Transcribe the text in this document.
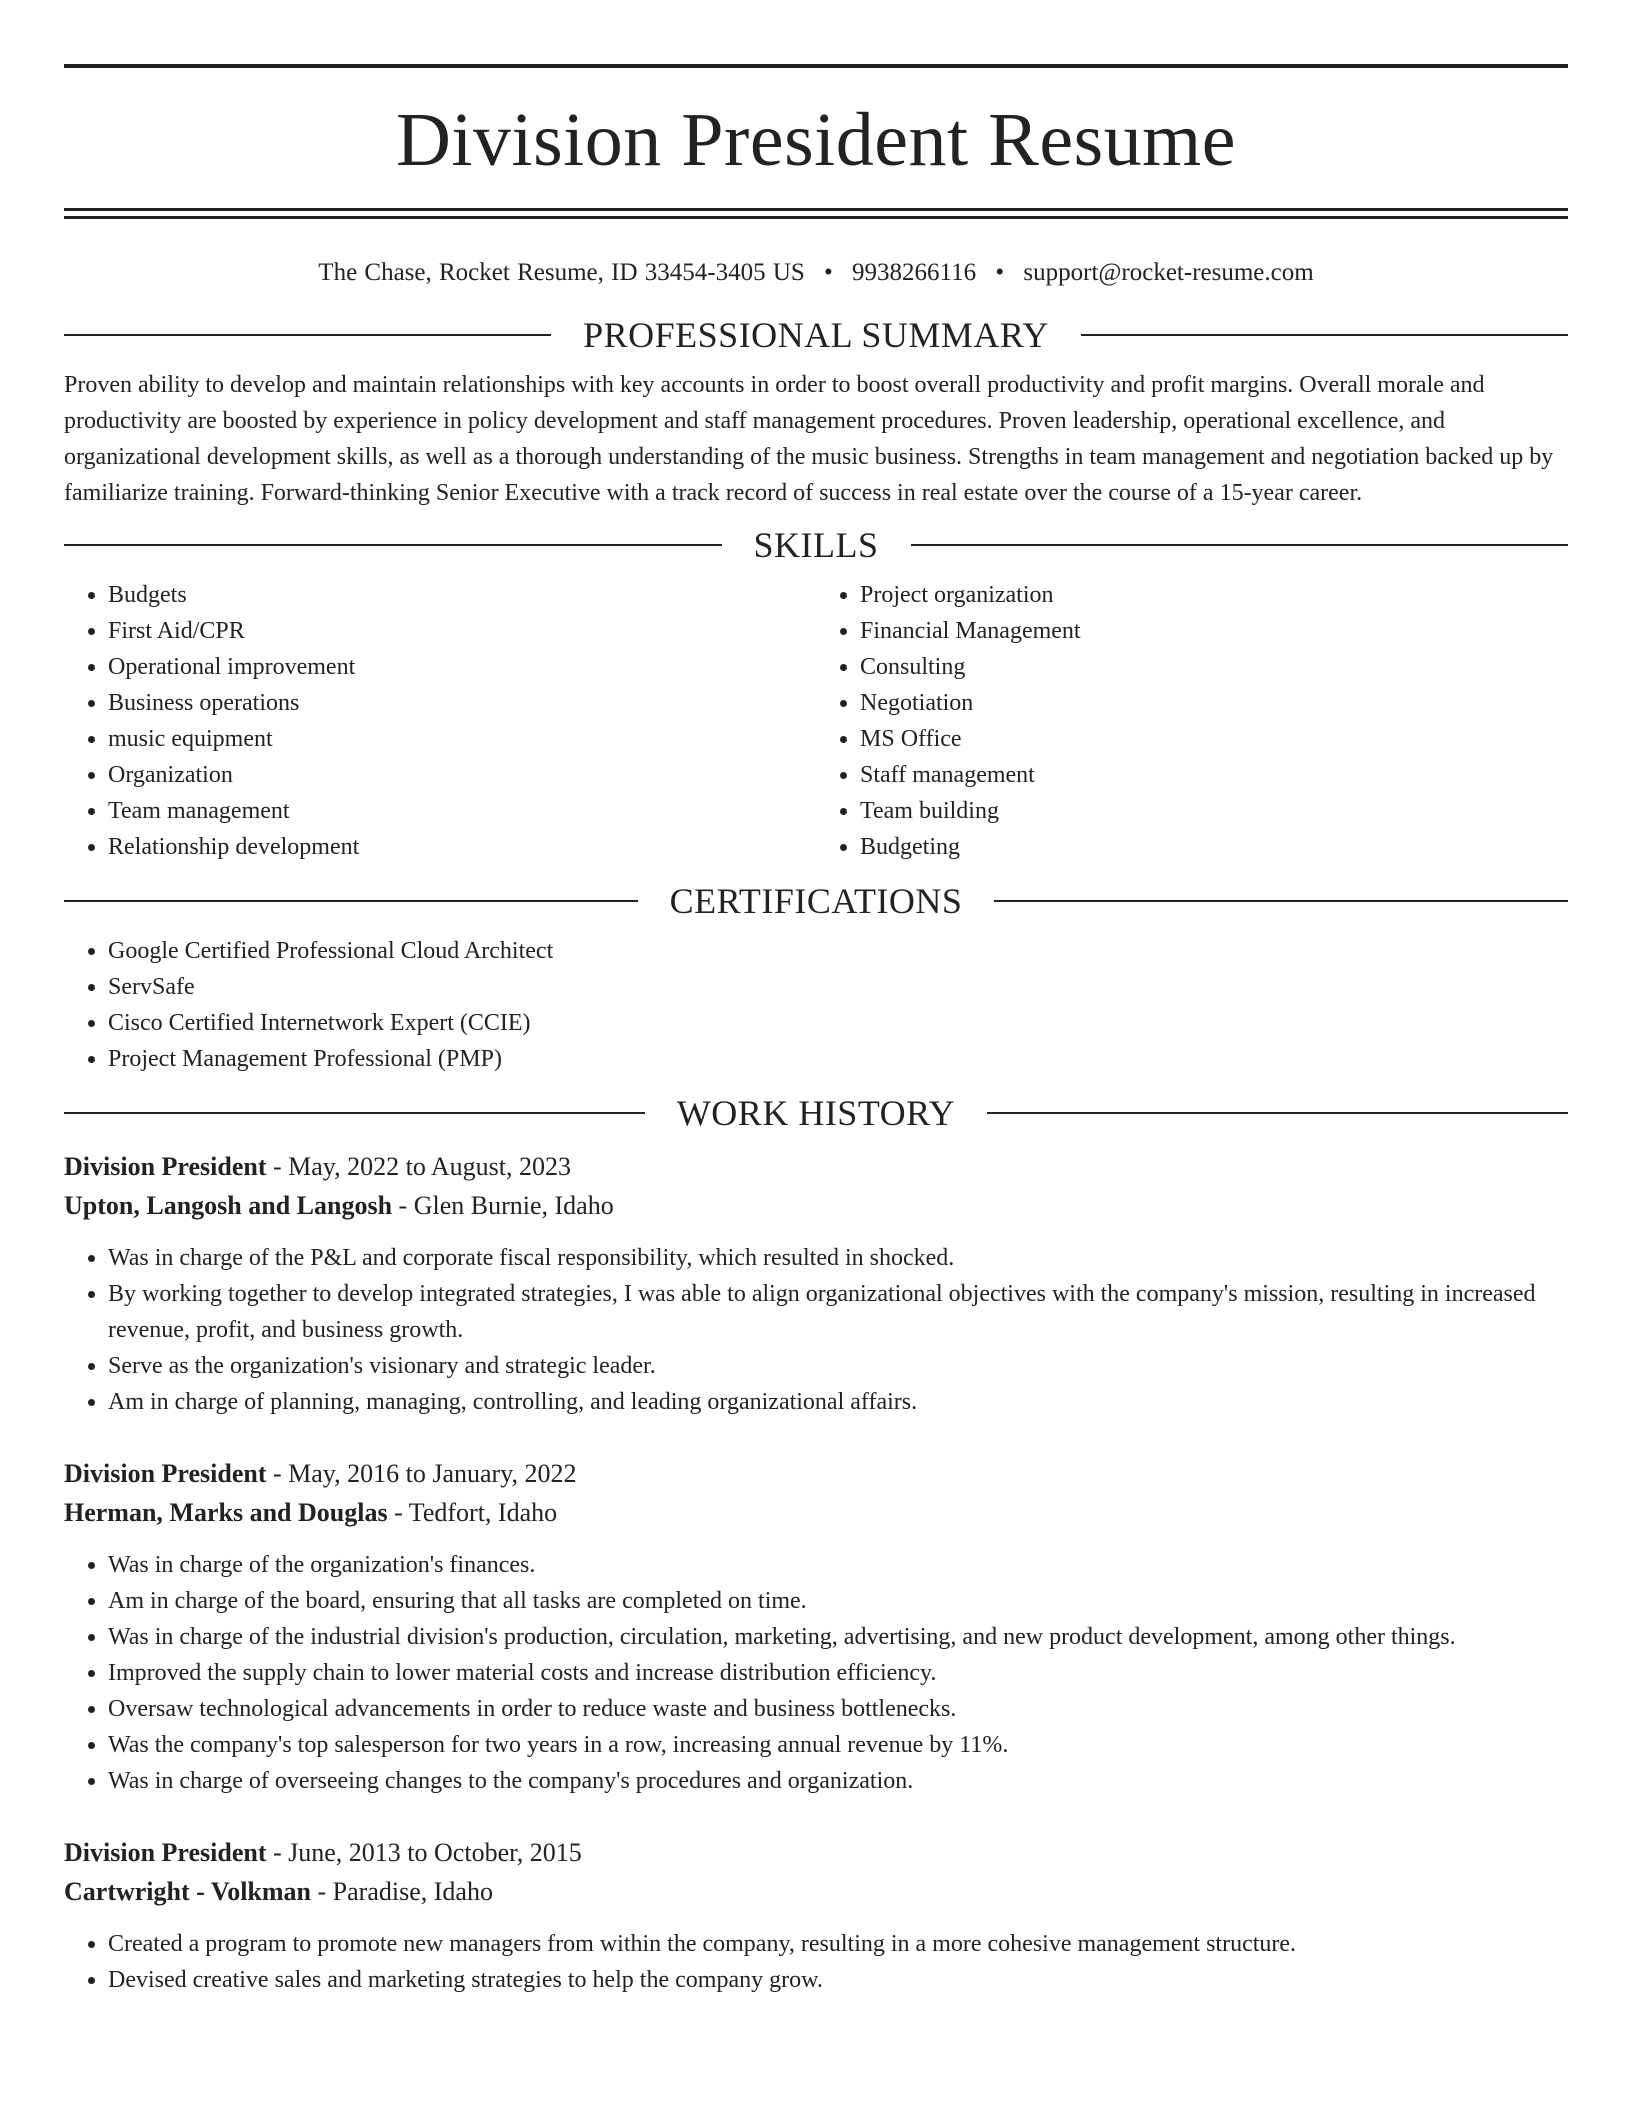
Division President Resume
The Chase, Rocket Resume, ID 33454-3405 US • 9938266116 • support@rocket-resume.com
PROFESSIONAL SUMMARY
Proven ability to develop and maintain relationships with key accounts in order to boost overall productivity and profit margins. Overall morale and productivity are boosted by experience in policy development and staff management procedures. Proven leadership, operational excellence, and organizational development skills, as well as a thorough understanding of the music business. Strengths in team management and negotiation backed up by familiarize training. Forward-thinking Senior Executive with a track record of success in real estate over the course of a 15-year career.
SKILLS
• Budgets
• First Aid/CPR
• Operational improvement
• Business operations
• music equipment
• Organization
• Team management
• Relationship development
• Project organization
• Financial Management
• Consulting
• Negotiation
• MS Office
• Staff management
• Team building
• Budgeting
CERTIFICATIONS
• Google Certified Professional Cloud Architect
• ServSafe
• Cisco Certified Internetwork Expert (CCIE)
• Project Management Professional (PMP)
WORK HISTORY
Division President - May, 2022 to August, 2023
Upton, Langosh and Langosh - Glen Burnie, Idaho
• Was in charge of the P&L and corporate fiscal responsibility, which resulted in shocked.
• By working together to develop integrated strategies, I was able to align organizational objectives with the company's mission, resulting in increased revenue, profit, and business growth.
• Serve as the organization's visionary and strategic leader.
• Am in charge of planning, managing, controlling, and leading organizational affairs.
Division President - May, 2016 to January, 2022
Herman, Marks and Douglas - Tedfort, Idaho
• Was in charge of the organization's finances.
• Am in charge of the board, ensuring that all tasks are completed on time.
• Was in charge of the industrial division's production, circulation, marketing, advertising, and new product development, among other things.
• Improved the supply chain to lower material costs and increase distribution efficiency.
• Oversaw technological advancements in order to reduce waste and business bottlenecks.
• Was the company's top salesperson for two years in a row, increasing annual revenue by 11%.
• Was in charge of overseeing changes to the company's procedures and organization.
Division President - June, 2013 to October, 2015
Cartwright - Volkman - Paradise, Idaho
• Created a program to promote new managers from within the company, resulting in a more cohesive management structure.
• Devised creative sales and marketing strategies to help the company grow.
